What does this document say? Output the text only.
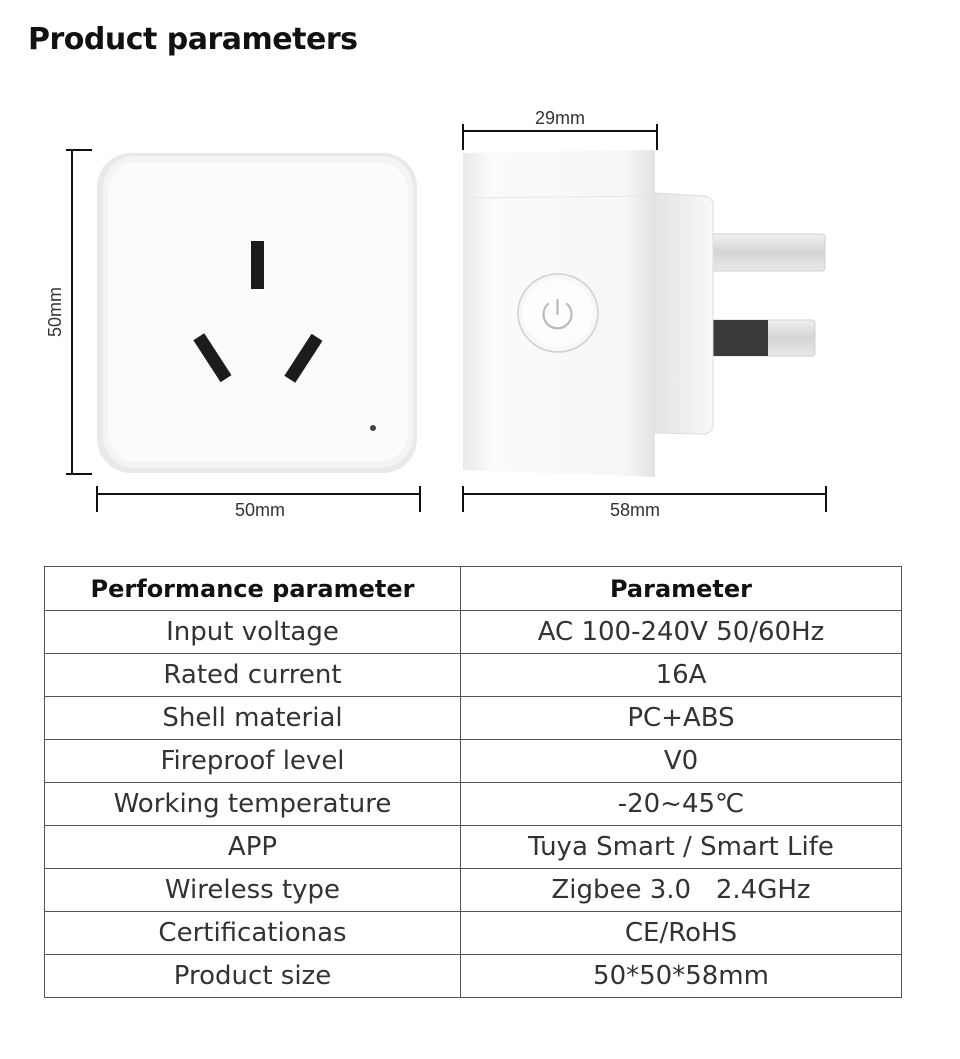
Product parameters
50mm
50mm
29mm
58mm
Performance parameter	Parameter
Input voltage	AC 100-240V 50/60Hz
Rated current	16A
Shell material	PC+ABS
Fireproof level	V0
Working temperature	-20~45℃
APP	Tuya Smart / Smart Life
Wireless type	Zigbee 3.0   2.4GHz
Certificationas	CE/RoHS
Product size	50*50*58mm
